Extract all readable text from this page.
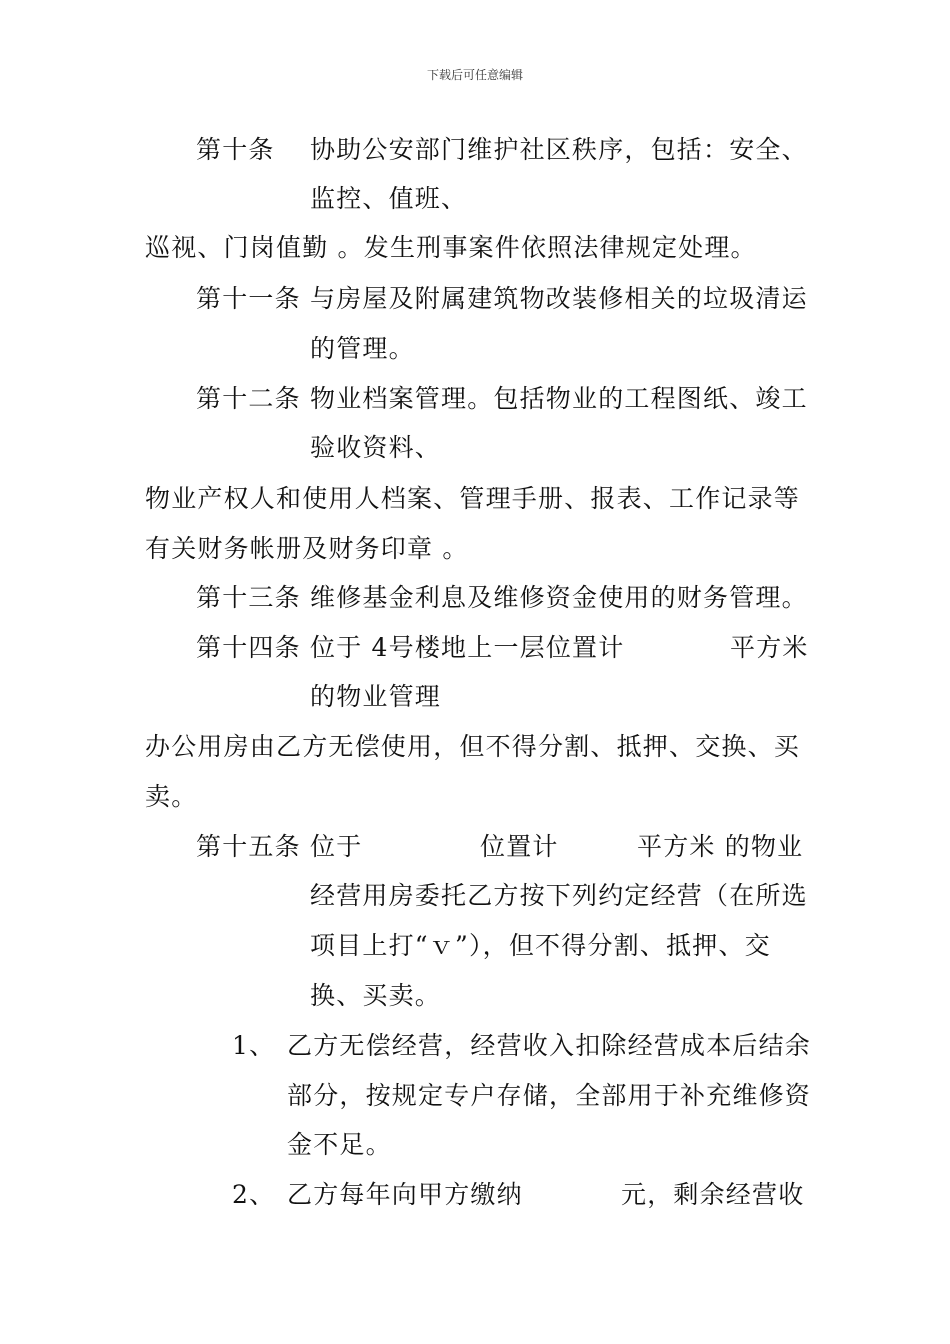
下载后可任意编辑
第十条 协助公安部门维护社区秩序，包括：安全、
监控、值班、
巡视、门岗值勤 。发生刑事案件依照法律规定处理。
第十一条 与房屋及附属建筑物改装修相关的垃圾清运
的管理。
第十二条 物业档案管理。包括物业的工程图纸、竣工
验收资料、
物业产权人和使用人档案、管理手册、报表、工作记录等
有关财务帐册及财务印章 。
第十三条 维修基金利息及维修资金使用的财务管理。
第十四条 位于 4号楼地上一层位置计	平方米
的物业管理
办公用房由乙方无偿使用，但不得分割、抵押、交换、买
卖。
第十五条 位于	位置计	平方米 的物业
经营用房委托乙方按下列约定经营（在所选
项目上打“ｖ”），但不得分割、抵押、交
换、买卖。
1、 乙方无偿经营，经营收入扣除经营成本后结余
部分，按规定专户存储，全部用于补充维修资
金不足。
2、 乙方每年向甲方缴纳	元，剩余经营收
